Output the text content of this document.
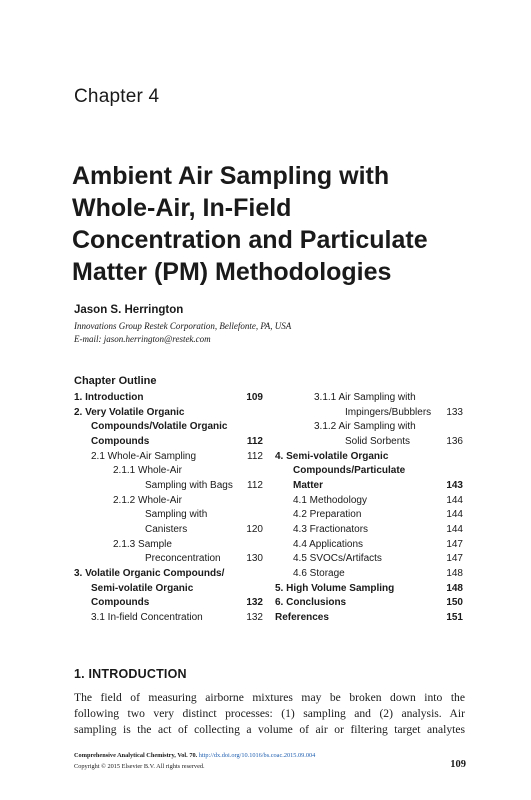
Chapter 4
Ambient Air Sampling with
Whole-Air, In-Field
Concentration and Particulate
Matter (PM) Methodologies
Jason S. Herrington
Innovations Group Restek Corporation, Bellefonte, PA, USA
E-mail: jason.herrington@restek.com
Chapter Outline
1. Introduction	109
2. Very Volatile Organic
Compounds/Volatile Organic
Compounds	112
2.1 Whole-Air Sampling	112
2.1.1 Whole-Air
Sampling with Bags 112
2.1.2 Whole-Air
Sampling with
Canisters	120
2.1.3 Sample
Preconcentration	130
3. Volatile Organic Compounds/
Semi-volatile Organic
Compounds	132
3.1 In-field Concentration	132
3.1.1 Air Sampling with
Impingers/Bubblers 133
3.1.2 Air Sampling with
Solid Sorbents	136
4. Semi-volatile Organic
Compounds/Particulate
Matter	143
4.1 Methodology	144
4.2 Preparation	144
4.3 Fractionators	144
4.4 Applications	147
4.5 SVOCs/Artifacts	147
4.6 Storage	148
5. High Volume Sampling	148
6. Conclusions	150
References	151
1. INTRODUCTION
The field of measuring airborne mixtures may be broken down into the
following two very distinct processes: (1) sampling and (2) analysis. Air
sampling is the act of collecting a volume of air or filtering target analytes
Comprehensive Analytical Chemistry, Vol. 70. http://dx.doi.org/10.1016/bs.coac.2015.09.004
Copyright © 2015 Elsevier B.V. All rights reserved.	109
